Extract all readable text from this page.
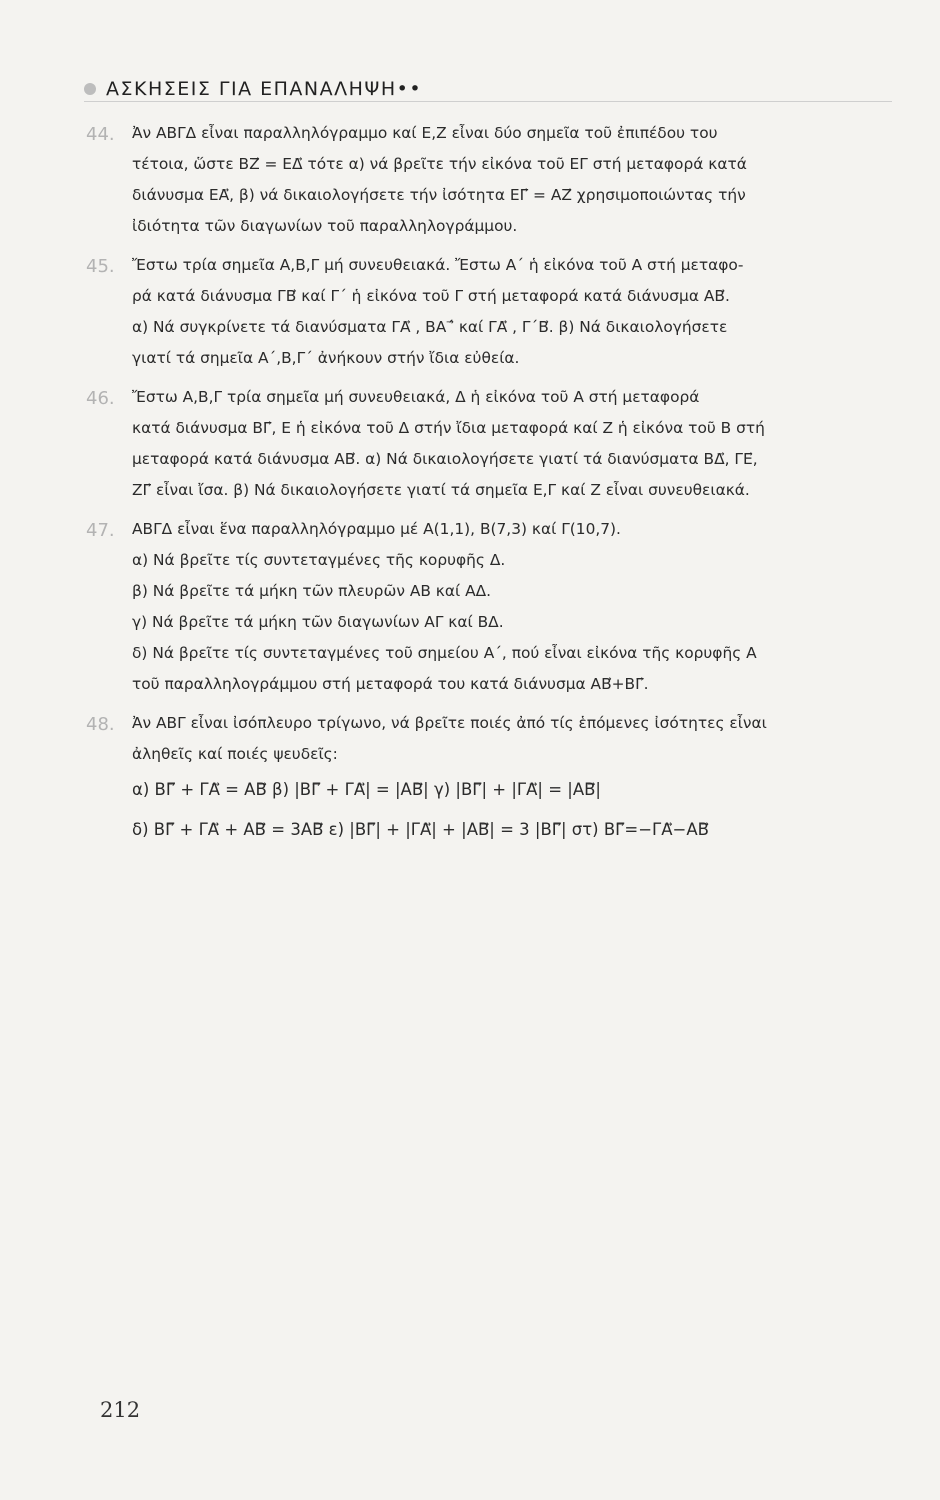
ΑΣΚΗΣΕΙΣ ΓΙΑ ΕΠΑΝΑΛΗΨΗ••
44.	Ἀν ΑΒΓΔ εἶναι παραλληλόγραμμο καί Ε,Ζ εἶναι δύο σημεῖα τοῦ ἐπιπέδου του
τέτοια, ὥστε ΒΖ⃗ = ΕΔ⃗ τότε α) νά βρεῖτε τήν εἰκόνα τοῦ ΕΓ στή μεταφορά κατά
διάνυσμα ΕΑ⃗, β) νά δικαιολογήσετε τήν ἰσότητα ΕΓ⃗ = ΑΖ⃗ χρησιμοποιώντας τήν
ἰδιότητα τῶν διαγωνίων τοῦ παραλληλογράμμου.
45.	Ἔστω τρία σημεῖα Α,Β,Γ μή συνευθειακά. Ἔστω Α΄ ἡ εἰκόνα τοῦ Α στή μεταφο-
ρά κατά διάνυσμα ΓΒ⃗ καί Γ΄ ἡ εἰκόνα τοῦ Γ στή μεταφορά κατά διάνυσμα ΑΒ⃗.
α) Νά συγκρίνετε τά διανύσματα ΓΑ⃗ , ΒΑ΄⃗ καί ΓΑ⃗ , Γ΄Β⃗. β) Νά δικαιολογήσετε
γιατί τά σημεῖα Α΄,Β,Γ΄ ἀνήκουν στήν ἴδια εὐθεία.
46.	Ἔστω Α,Β,Γ τρία σημεῖα μή συνευθειακά, Δ ἡ εἰκόνα τοῦ Α στή μεταφορά
κατά διάνυσμα ΒΓ⃗, Ε ἡ εἰκόνα τοῦ Δ στήν ἴδια μεταφορά καί Ζ ἡ εἰκόνα τοῦ Β στή
μεταφορά κατά διάνυσμα ΑΒ⃗. α) Νά δικαιολογήσετε γιατί τά διανύσματα ΒΔ⃗, ΓΕ⃗,
ΖΓ⃗ εἶναι ἴσα. β) Νά δικαιολογήσετε γιατί τά σημεῖα Ε,Γ καί Ζ εἶναι συνευθειακά.
47.	ΑΒΓΔ εἶναι ἕνα παραλληλόγραμμο μέ Α(1,1), Β(7,3) καί Γ(10,7).
α) Νά βρεῖτε τίς συντεταγμένες τῆς κορυφῆς Δ.
β) Νά βρεῖτε τά μήκη τῶν πλευρῶν ΑΒ καί ΑΔ.
γ) Νά βρεῖτε τά μήκη τῶν διαγωνίων ΑΓ καί ΒΔ.
δ) Νά βρεῖτε τίς συντεταγμένες τοῦ σημείου Α΄, πού εἶναι εἰκόνα τῆς κορυφῆς Α
τοῦ παραλληλογράμμου στή μεταφορά του κατά διάνυσμα ΑΒ⃗+ΒΓ⃗.
48.	Ἀν ΑΒΓ εἶναι ἰσόπλευρο τρίγωνο, νά βρεῖτε ποιές ἀπό τίς ἑπόμενες ἰσότητες εἶναι
ἀληθεῖς καί ποιές ψευδεῖς:
α) ΒΓ⃗ + ΓΑ⃗ = ΑΒ⃗ β) |ΒΓ⃗ + ΓΑ⃗| = |ΑΒ⃗| γ) |ΒΓ⃗| + |ΓΑ⃗| = |ΑΒ⃗|
δ) ΒΓ⃗ + ΓΑ⃗ + ΑΒ⃗ = 3ΑΒ⃗ ε) |ΒΓ⃗| + |ΓΑ⃗| + |ΑΒ⃗| = 3 |ΒΓ⃗| στ) ΒΓ⃗=−ΓΑ⃗−ΑΒ⃗
212
